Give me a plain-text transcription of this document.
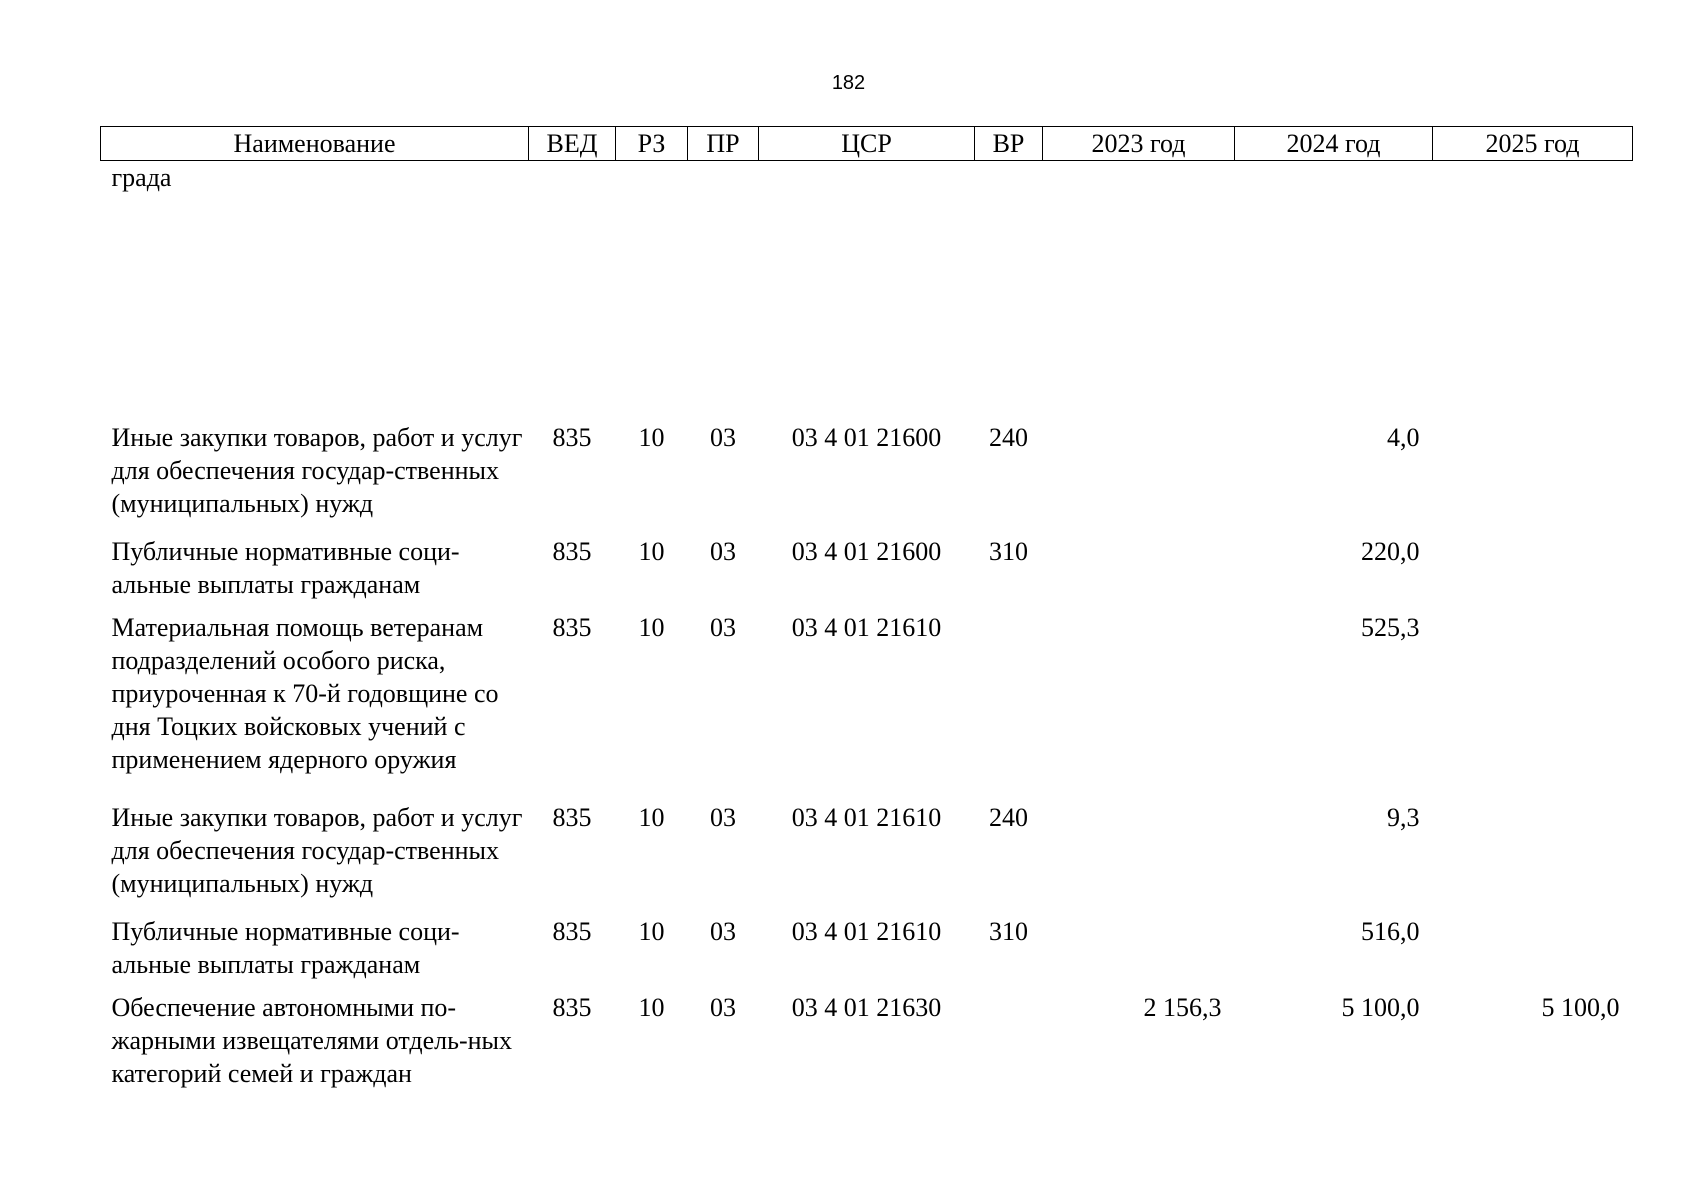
182
Наименование	ВЕД	РЗ	ПР	ЦСР	ВР	2023 год	2024 год	2025 год
града								
Иные закупки товаров, работ и услуг для обеспечения государ-ственных (муниципальных) нужд	835	10	03	03 4 01 21600	240		4,0	
Публичные нормативные соци-альные выплаты гражданам	835	10	03	03 4 01 21600	310		220,0	
Материальная помощь ветеранам подразделений особого риска, приуроченная к 70-й годовщине со дня Тоцких войсковых учений с применением ядерного оружия	835	10	03	03 4 01 21610			525,3	
Иные закупки товаров, работ и услуг для обеспечения государ-ственных (муниципальных) нужд	835	10	03	03 4 01 21610	240		9,3	
Публичные нормативные соци-альные выплаты гражданам	835	10	03	03 4 01 21610	310		516,0	
Обеспечение автономными по-жарными извещателями отдель-ных категорий семей и граждан	835	10	03	03 4 01 21630		2 156,3	5 100,0	5 100,0
